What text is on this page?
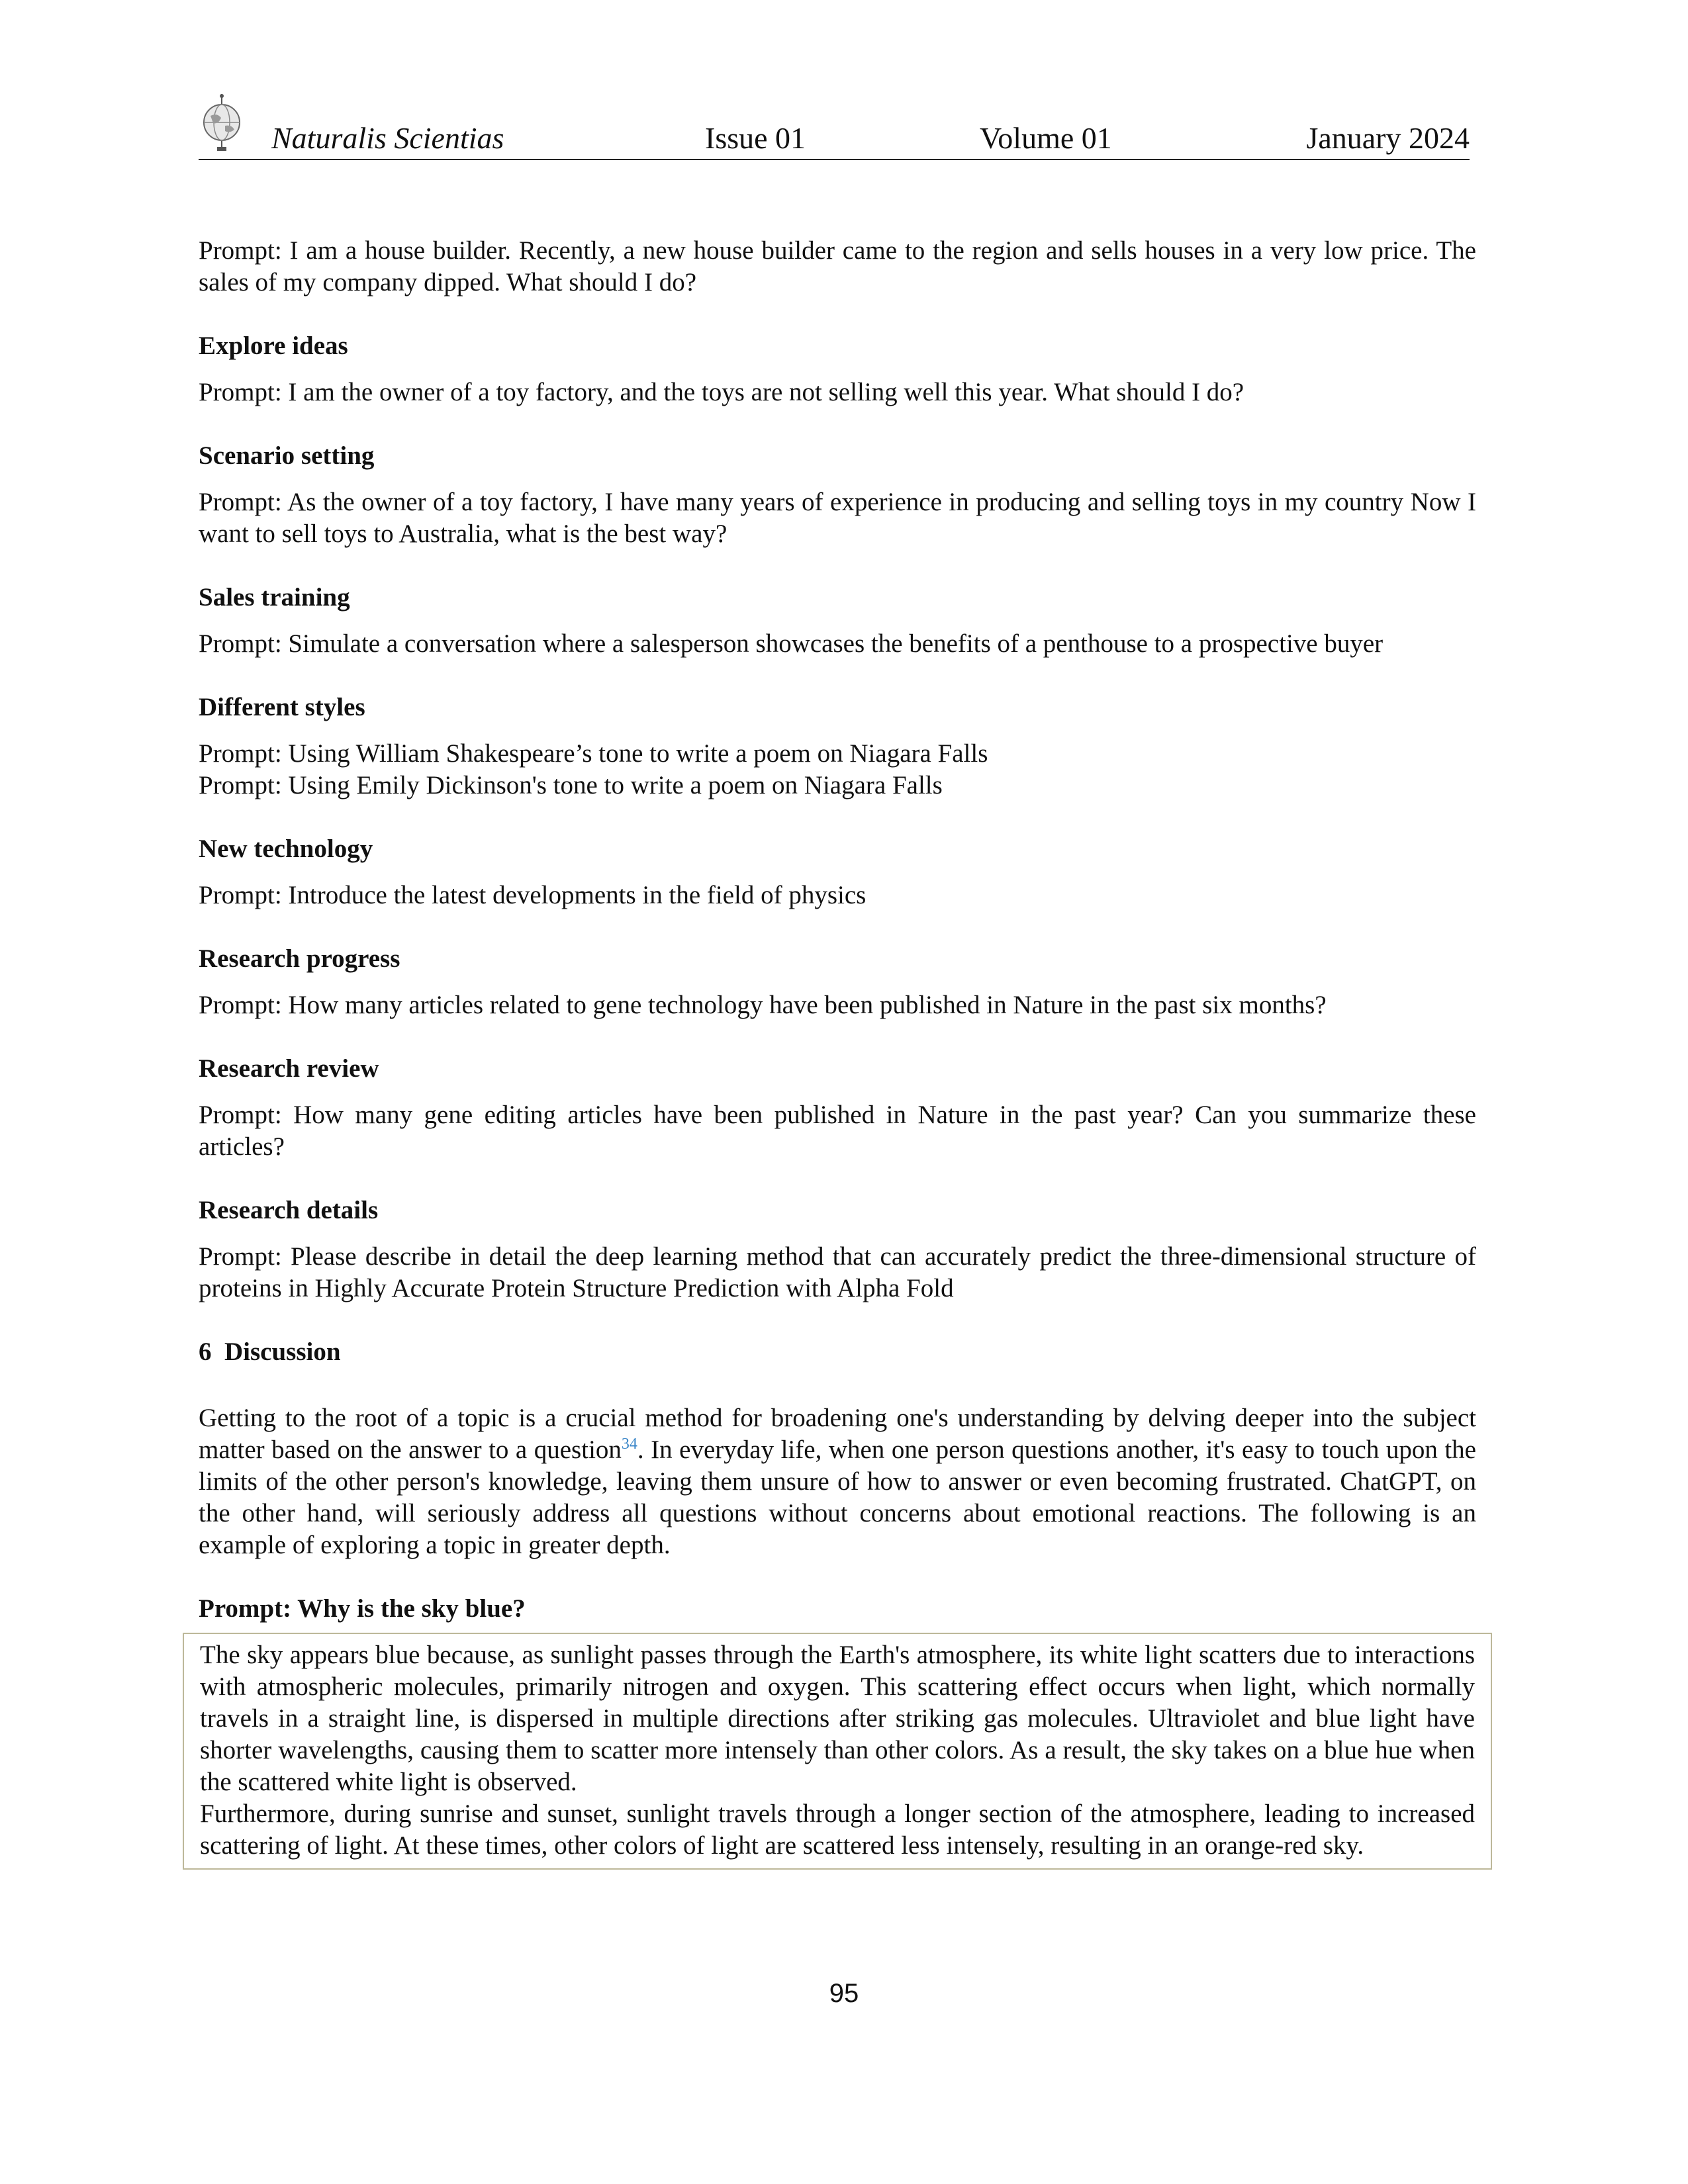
Naturalis Scientias	Issue 01	Volume 01	January 2024

Prompt: I am a house builder. Recently, a new house builder came to the region and sells houses in a very low price. The sales of my company dipped. What should I do?

Explore ideas

Prompt: I am the owner of a toy factory, and the toys are not selling well this year. What should I do?

Scenario setting

Prompt: As the owner of a toy factory, I have many years of experience in producing and selling toys in my country Now I want to sell toys to Australia, what is the best way?

Sales training

Prompt: Simulate a conversation where a salesperson showcases the benefits of a penthouse to a prospective buyer

Different styles

Prompt: Using William Shakespeare’s tone to write a poem on Niagara Falls

Prompt: Using Emily Dickinson's tone to write a poem on Niagara Falls

New technology

Prompt: Introduce the latest developments in the field of physics

Research progress

Prompt: How many articles related to gene technology have been published in Nature in the past six months?

Research review

Prompt: How many gene editing articles have been published in Nature in the past year? Can you summarize these articles?

Research details

Prompt: Please describe in detail the deep learning method that can accurately predict the three-dimensional structure of proteins in Highly Accurate Protein Structure Prediction with Alpha Fold

6  Discussion

Getting to the root of a topic is a crucial method for broadening one's understanding by delving deeper into the subject matter based on the answer to a question$^{34}$. In everyday life, when one person questions another, it's easy to touch upon the limits of the other person's knowledge, leaving them unsure of how to answer or even becoming frustrated. ChatGPT, on the other hand, will seriously address all questions without concerns about emotional reactions. The following is an example of exploring a topic in greater depth.

Prompt: Why is the sky blue?

The sky appears blue because, as sunlight passes through the Earth's atmosphere, its white light scatters due to interactions with atmospheric molecules, primarily nitrogen and oxygen. This scattering effect occurs when light, which normally travels in a straight line, is dispersed in multiple directions after striking gas molecules. Ultraviolet and blue light have shorter wavelengths, causing them to scatter more intensely than other colors. As a result, the sky takes on a blue hue when the scattered white light is observed.

Furthermore, during sunrise and sunset, sunlight travels through a longer section of the atmosphere, leading to increased scattering of light. At these times, other colors of light are scattered less intensely, resulting in an orange-red sky.

95
